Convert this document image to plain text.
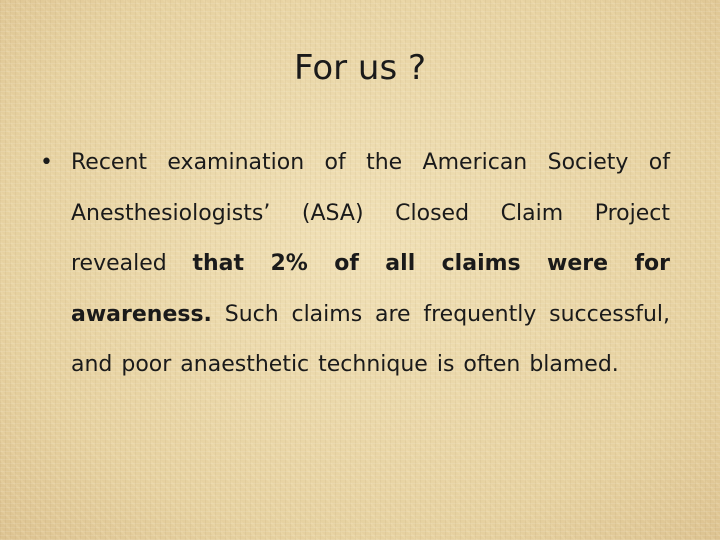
For us ?
• Recent examination of the American Society of Anesthesiologists’ (ASA) Closed Claim Project revealed that 2% of all claims were for awareness. Such claims are frequently successful, and poor anaesthetic technique is often blamed.
